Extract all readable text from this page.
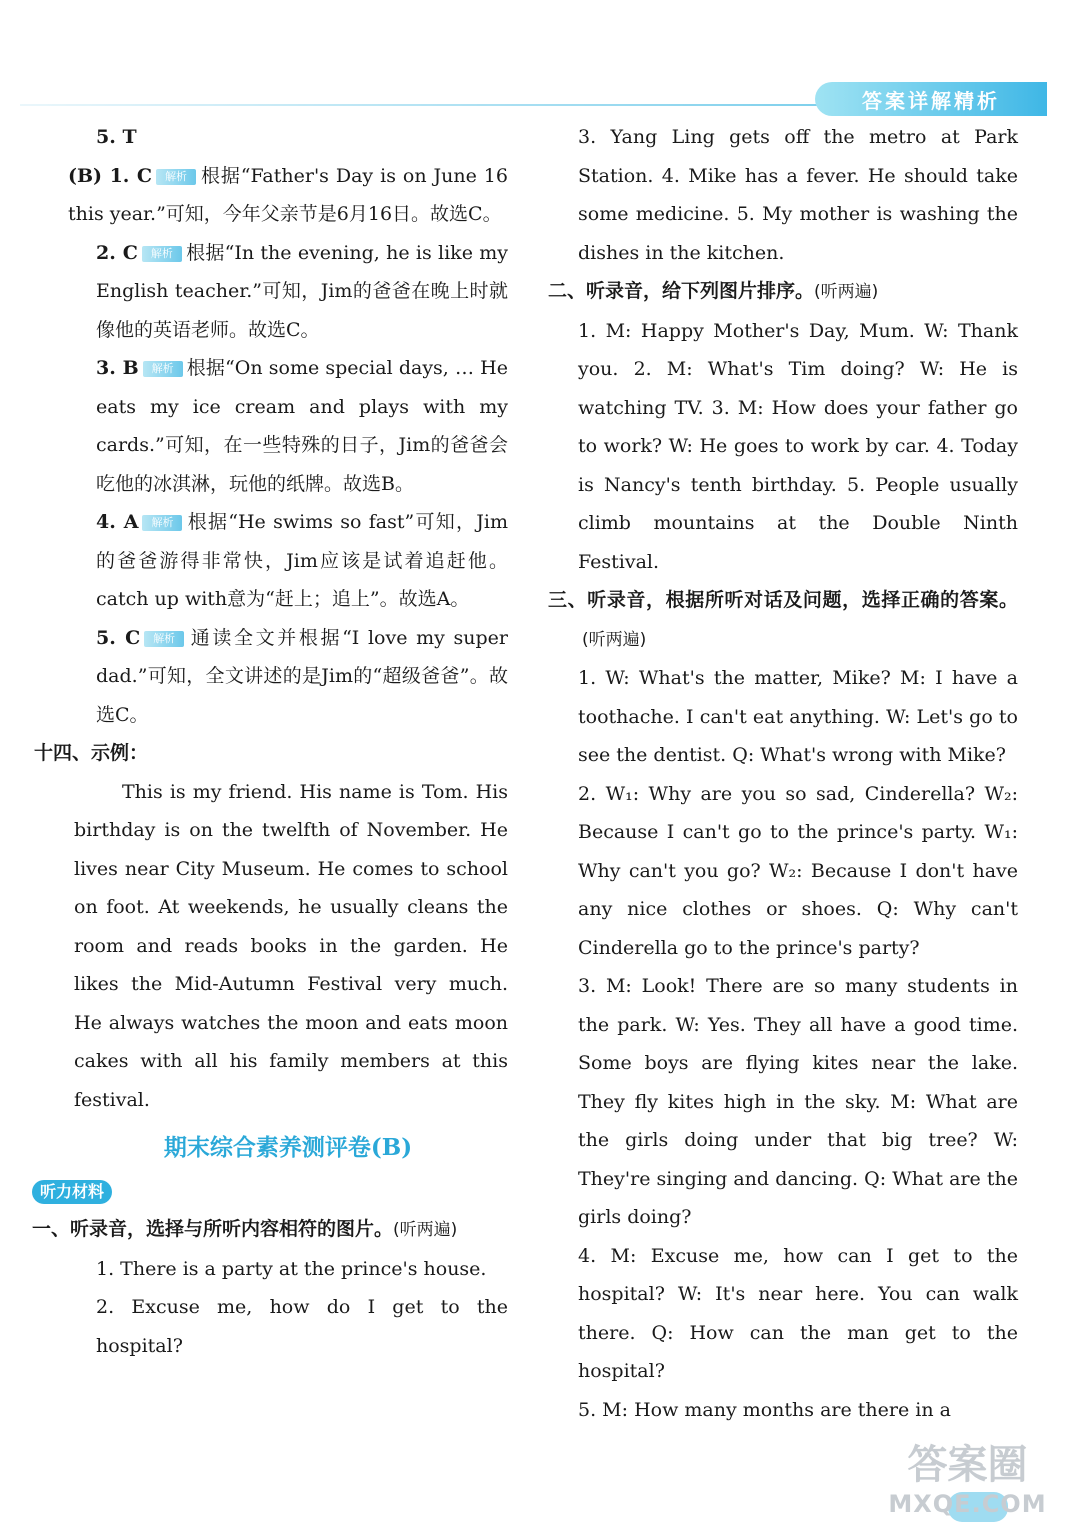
答案详解精析

5. T

(B) 1. C 解析 根据“Father's Day is on June 16 this year.”可知，今年父亲节是6月16日。故选C。

2. C 解析 根据“In the evening, he is like my English teacher.”可知，Jim的爸爸在晚上时就像他的英语老师。故选C。

3. B 解析 根据“On some special days, … He eats my ice cream and plays with my cards.”可知，在一些特殊的日子，Jim的爸爸会吃他的冰淇淋，玩他的纸牌。故选B。

4. A 解析 根据“He swims so fast”可知，Jim的爸爸游得非常快，Jim应该是试着追赶他。catch up with意为“赶上；追上”。故选A。

5. C 解析 通读全文并根据“I love my super dad.”可知，全文讲述的是Jim的“超级爸爸”。故选C。

十四、示例：

This is my friend. His name is Tom. His birthday is on the twelfth of November. He lives near City Museum. He comes to school on foot. At weekends, he usually cleans the room and reads books in the garden. He likes the Mid-Autumn Festival very much. He always watches the moon and eats moon cakes with all his family members at this festival.

期末综合素养测评卷(B)
听力材料

一、听录音，选择与所听内容相符的图片。(听两遍)

1. There is a party at the prince's house.

2. Excuse me, how do I get to the hospital?

3. Yang Ling gets off the metro at Park Station. 4. Mike has a fever. He should take some medicine. 5. My mother is washing the dishes in the kitchen.

二、听录音，给下列图片排序。(听两遍)

1. M: Happy Mother's Day, Mum. W: Thank you. 2. M: What's Tim doing? W: He is watching TV. 3. M: How does your father go to work? W: He goes to work by car. 4. Today is Nancy's tenth birthday. 5. People usually climb mountains at the Double Ninth Festival.

三、听录音，根据所听对话及问题，选择正确的答案。(听两遍)

1. W: What's the matter, Mike? M: I have a toothache. I can't eat anything. W: Let's go to see the dentist. Q: What's wrong with Mike?

2. W₁: Why are you so sad, Cinderella? W₂: Because I can't go to the prince's party. W₁: Why can't you go? W₂: Because I don't have any nice clothes or shoes. Q: Why can't Cinderella go to the prince's party?

3. M: Look! There are so many students in the park. W: Yes. They all have a good time. Some boys are flying kites near the lake. They fly kites high in the sky. M: What are the girls doing under that big tree? W: They're singing and dancing. Q: What are the girls doing?

4. M: Excuse me, how can I get to the hospital? W: It's near here. You can walk there. Q: How can the man get to the hospital?

5. M: How many months are there in a

答案圈
MXQE.COM
